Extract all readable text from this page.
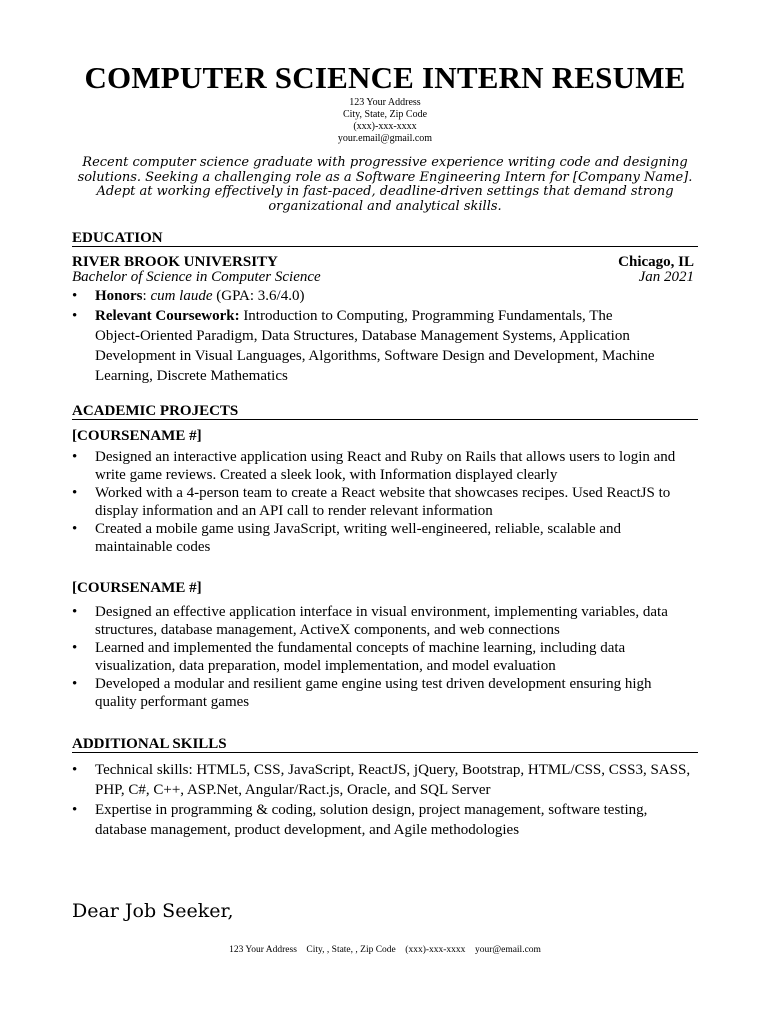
COMPUTER SCIENCE INTERN RESUME
123 Your Address
City, State, Zip Code
(xxx)-xxx-xxxx
your.email@gmail.com
Recent computer science graduate with progressive experience writing code and designing solutions. Seeking a challenging role as a Software Engineering Intern for [Company Name]. Adept at working effectively in fast-paced, deadline-driven settings that demand strong organizational and analytical skills.
EDUCATION
RIVER BROOK UNIVERSITY	Chicago, IL
Bachelor of Science in Computer Science	Jan 2021
• Honors: cum laude (GPA: 3.6/4.0)
• Relevant Coursework: Introduction to Computing, Programming Fundamentals, The Object-Oriented Paradigm, Data Structures, Database Management Systems, Application Development in Visual Languages, Algorithms, Software Design and Development, Machine Learning, Discrete Mathematics
ACADEMIC PROJECTS
[COURSENAME #]
• Designed an interactive application using React and Ruby on Rails that allows users to login and write game reviews. Created a sleek look, with Information displayed clearly
• Worked with a 4-person team to create a React website that showcases recipes. Used ReactJS to display information and an API call to render relevant information
• Created a mobile game using JavaScript, writing well-engineered, reliable, scalable and maintainable codes
[COURSENAME #]
• Designed an effective application interface in visual environment, implementing variables, data structures, database management, ActiveX components, and web connections
• Learned and implemented the fundamental concepts of machine learning, including data visualization, data preparation, model implementation, and model evaluation
• Developed a modular and resilient game engine using test driven development ensuring high quality performant games
ADDITIONAL SKILLS
• Technical skills: HTML5, CSS, JavaScript, ReactJS, jQuery, Bootstrap, HTML/CSS, CSS3, SASS, PHP, C#, C++, ASP.Net, Angular/Ract.js, Oracle, and SQL Server
• Expertise in programming & coding, solution design, project management, software testing, database management, product development, and Agile methodologies
Dear Job Seeker,
123 Your Address City, , State, , Zip Code (xxx)-xxx-xxxx your@email.com
